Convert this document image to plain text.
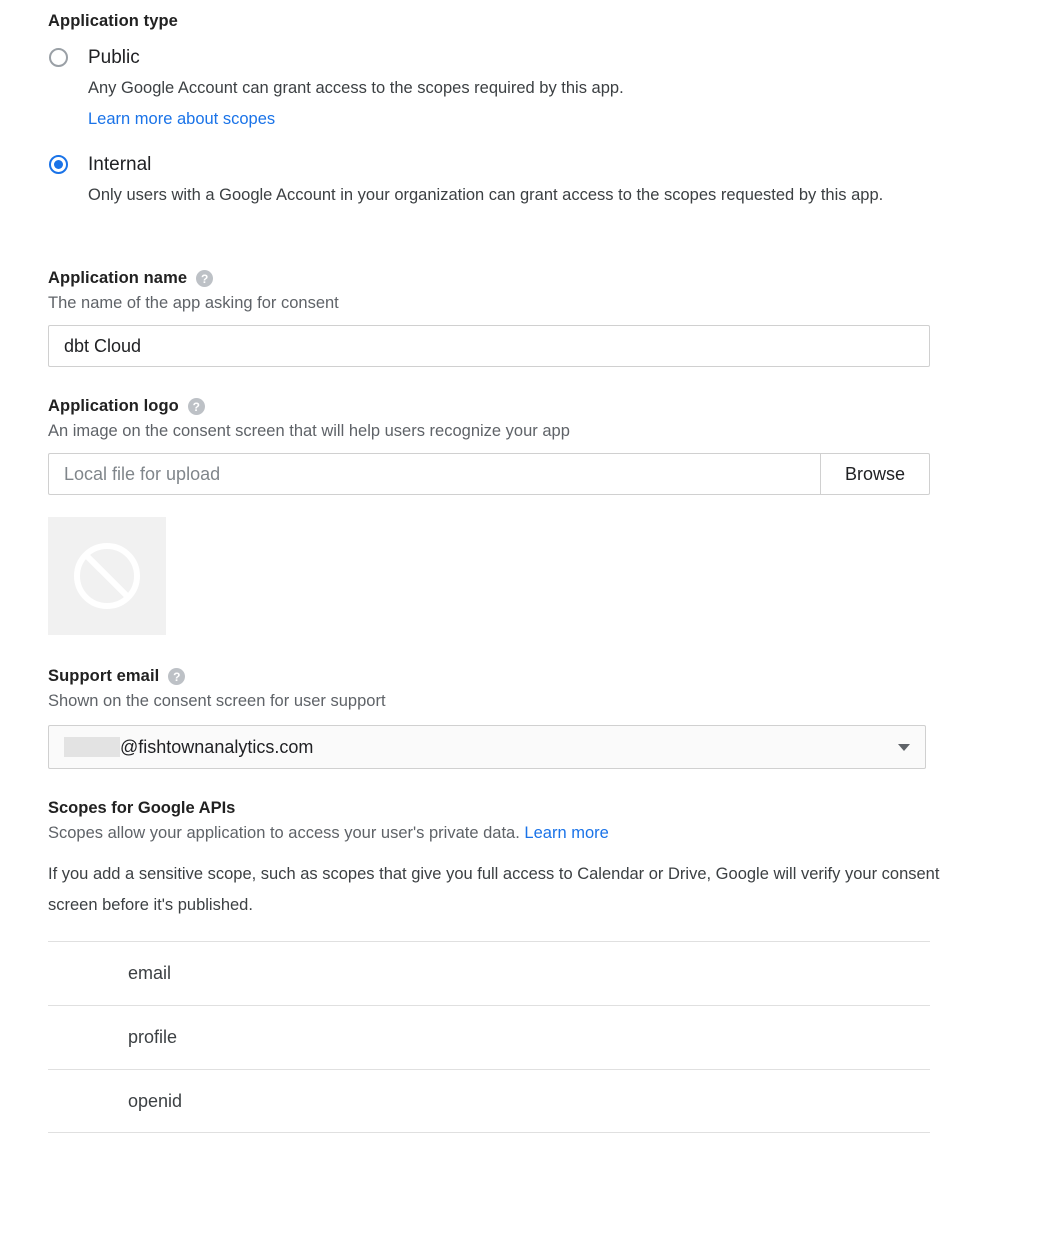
Application type
Public
Any Google Account can grant access to the scopes required by this app.
Learn more about scopes
Internal
Only users with a Google Account in your organization can grant access to the scopes requested by this app.
Application name	?
The name of the app asking for consent
dbt Cloud
Application logo	?
An image on the consent screen that will help users recognize your app
Local file for upload
Browse
Support email	?
Shown on the consent screen for user support
@fishtownanalytics.com
Scopes for Google APIs
Scopes allow your application to access your user's private data. Learn more
If you add a sensitive scope, such as scopes that give you full access to Calendar or Drive, Google will verify your consent screen before it's published.
email
profile
openid
